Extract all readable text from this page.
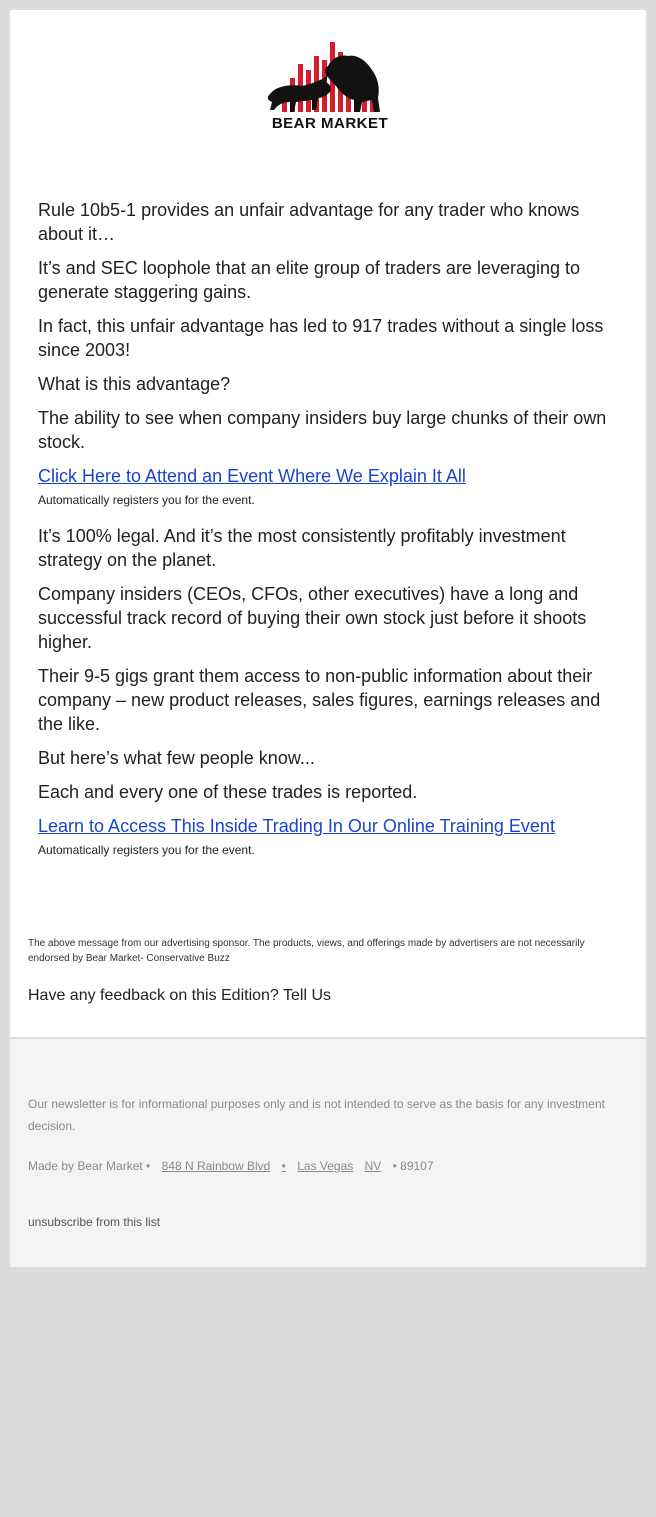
BEAR MARKET

Rule 10b5-1 provides an unfair advantage for any trader who knows about it…

It’s and SEC loophole that an elite group of traders are leveraging to generate staggering gains.

In fact, this unfair advantage has led to 917 trades without a single loss since 2003!

What is this advantage?

The ability to see when company insiders buy large chunks of their own stock.

Click Here to Attend an Event Where We Explain It All
Automatically registers you for the event.

It’s 100% legal. And it’s the most consistently profitably investment strategy on the planet.

Company insiders (CEOs, CFOs, other executives) have a long and successful track record of buying their own stock just before it shoots higher.

Their 9-5 gigs grant them access to non-public information about their company – new product releases, sales figures, earnings releases and the like.

But here’s what few people know...

Each and every one of these trades is reported.

Learn to Access This Inside Trading In Our Online Training Event
Automatically registers you for the event.
The above message from our advertising sponsor. The products, views, and offerings made by advertisers are not necessarily endorsed by Bear Market- Conservative Buzz
Have any feedback on this Edition? Tell Us
Our newsletter is for informational purposes only and is not intended to serve as the basis for any investment decision.
Made by Bear Market • 848 N Rainbow Blvd • Las Vegas NV • 89107
unsubscribe from this list
